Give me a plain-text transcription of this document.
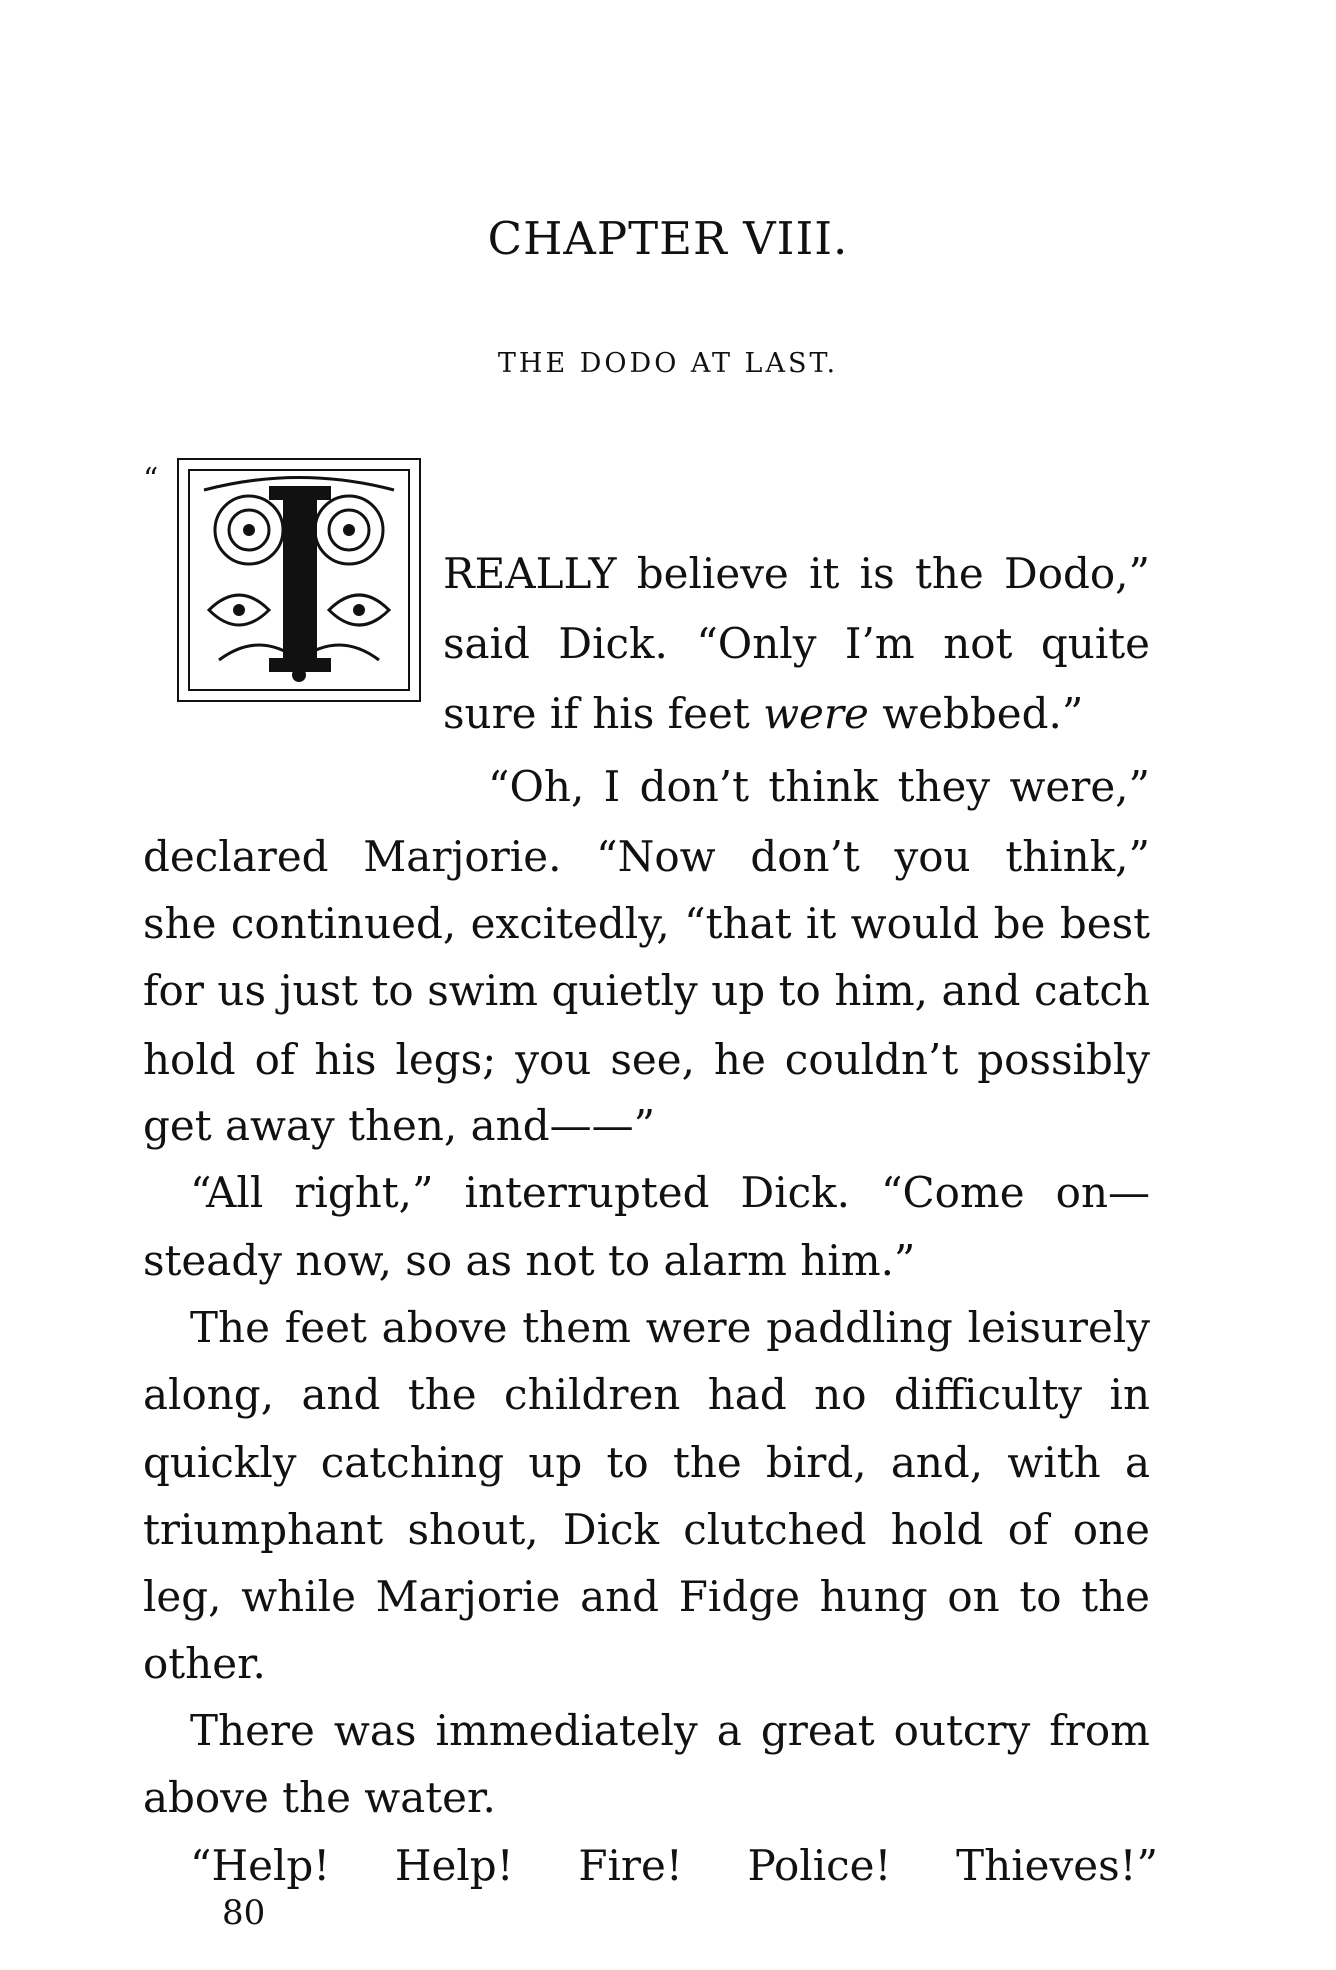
CHAPTER VIII.
THE DODO AT LAST.
“
I
REALLY believe it is the Dodo,”
said Dick. “Only I’m not quite
sure if his feet were webbed.”
“Oh, I don’t think they were,”
declared Marjorie. “Now don’t you think,”
she continued, excitedly, “that it would be best
for us just to swim quietly up to him, and catch
hold of his legs; you see, he couldn’t possibly
get away then, and——”
“All right,” interrupted Dick. “Come on—
steady now, so as not to alarm him.”
The feet above them were paddling leisurely
along, and the children had no difficulty in
quickly catching up to the bird, and, with a
triumphant shout, Dick clutched hold of one
leg, while Marjorie and Fidge hung on to the
other.
There was immediately a great outcry from
above the water.
“Help! Help! Fire! Police! Thieves!”
80
